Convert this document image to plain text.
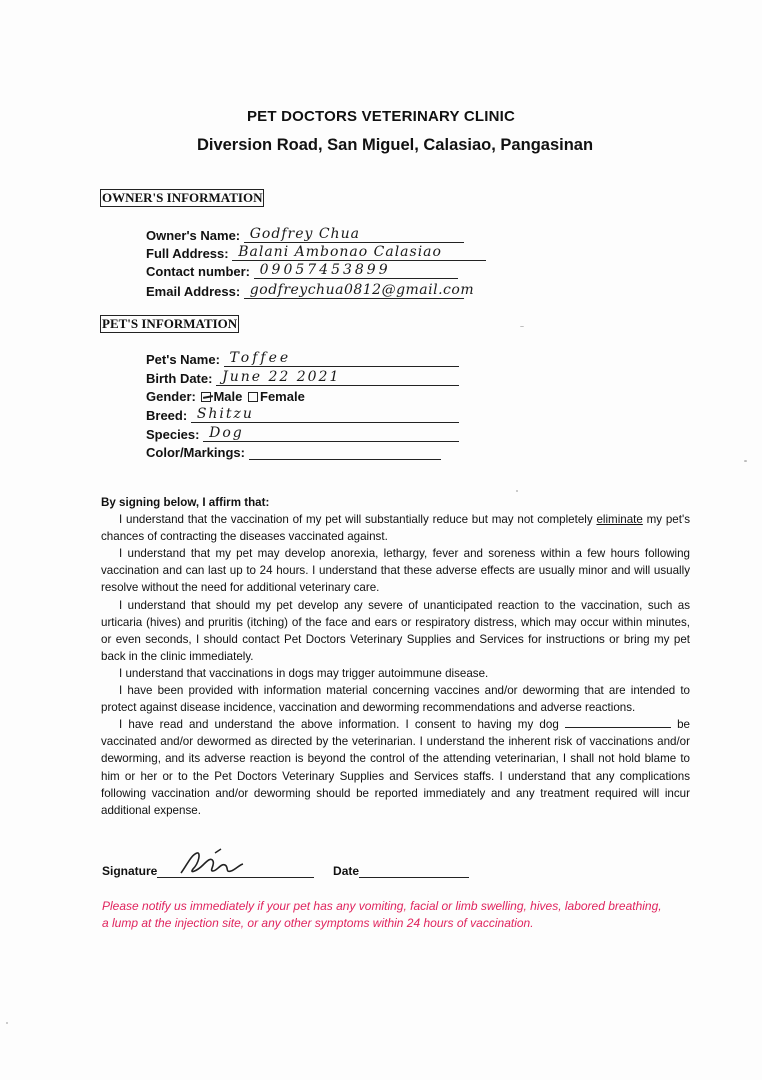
PET DOCTORS VETERINARY CLINIC
Diversion Road, San Miguel, Calasiao, Pangasinan
OWNER'S INFORMATION
Owner's Name: Godfrey Chua
Full Address: Balani Ambonao Calasiao
Contact number: 09057453899
Email Address: godfreychua0812@gmail.com
PET'S INFORMATION
Pet's Name: Toffee
Birth Date: June 22 2021
Gender: Male Female
Breed: Shitzu
Species: Dog
Color/Markings:

By signing below, I affirm that:

I understand that the vaccination of my pet will substantially reduce but may not completely eliminate my pet's chances of contracting the diseases vaccinated against.

I understand that my pet may develop anorexia, lethargy, fever and soreness within a few hours following vaccination and can last up to 24 hours. I understand that these adverse effects are usually minor and will usually resolve without the need for additional veterinary care.

I understand that should my pet develop any severe of unanticipated reaction to the vaccination, such as urticaria (hives) and pruritis (itching) of the face and ears or respiratory distress, which may occur within minutes, or even seconds, I should contact Pet Doctors Veterinary Supplies and Services for instructions or bring my pet back in the clinic immediately.

I understand that vaccinations in dogs may trigger autoimmune disease.

I have been provided with information material concerning vaccines and/or deworming that are intended to protect against disease incidence, vaccination and deworming recommendations and adverse reactions.

I have read and understand the above information. I consent to having my dog	be vaccinated and/or dewormed as directed by the veterinarian. I understand the inherent risk of vaccinations and/or deworming, and its adverse reaction is beyond the control of the attending veterinarian, I shall not hold blame to him or her or to the Pet Doctors Veterinary Supplies and Services staffs. I understand that any complications following vaccination and/or deworming should be reported immediately and any treatment required will incur additional expense.

Signature	Date
Please notify us immediately if your pet has any vomiting, facial or limb swelling, hives, labored breathing, a lump at the injection site, or any other symptoms within 24 hours of vaccination.
